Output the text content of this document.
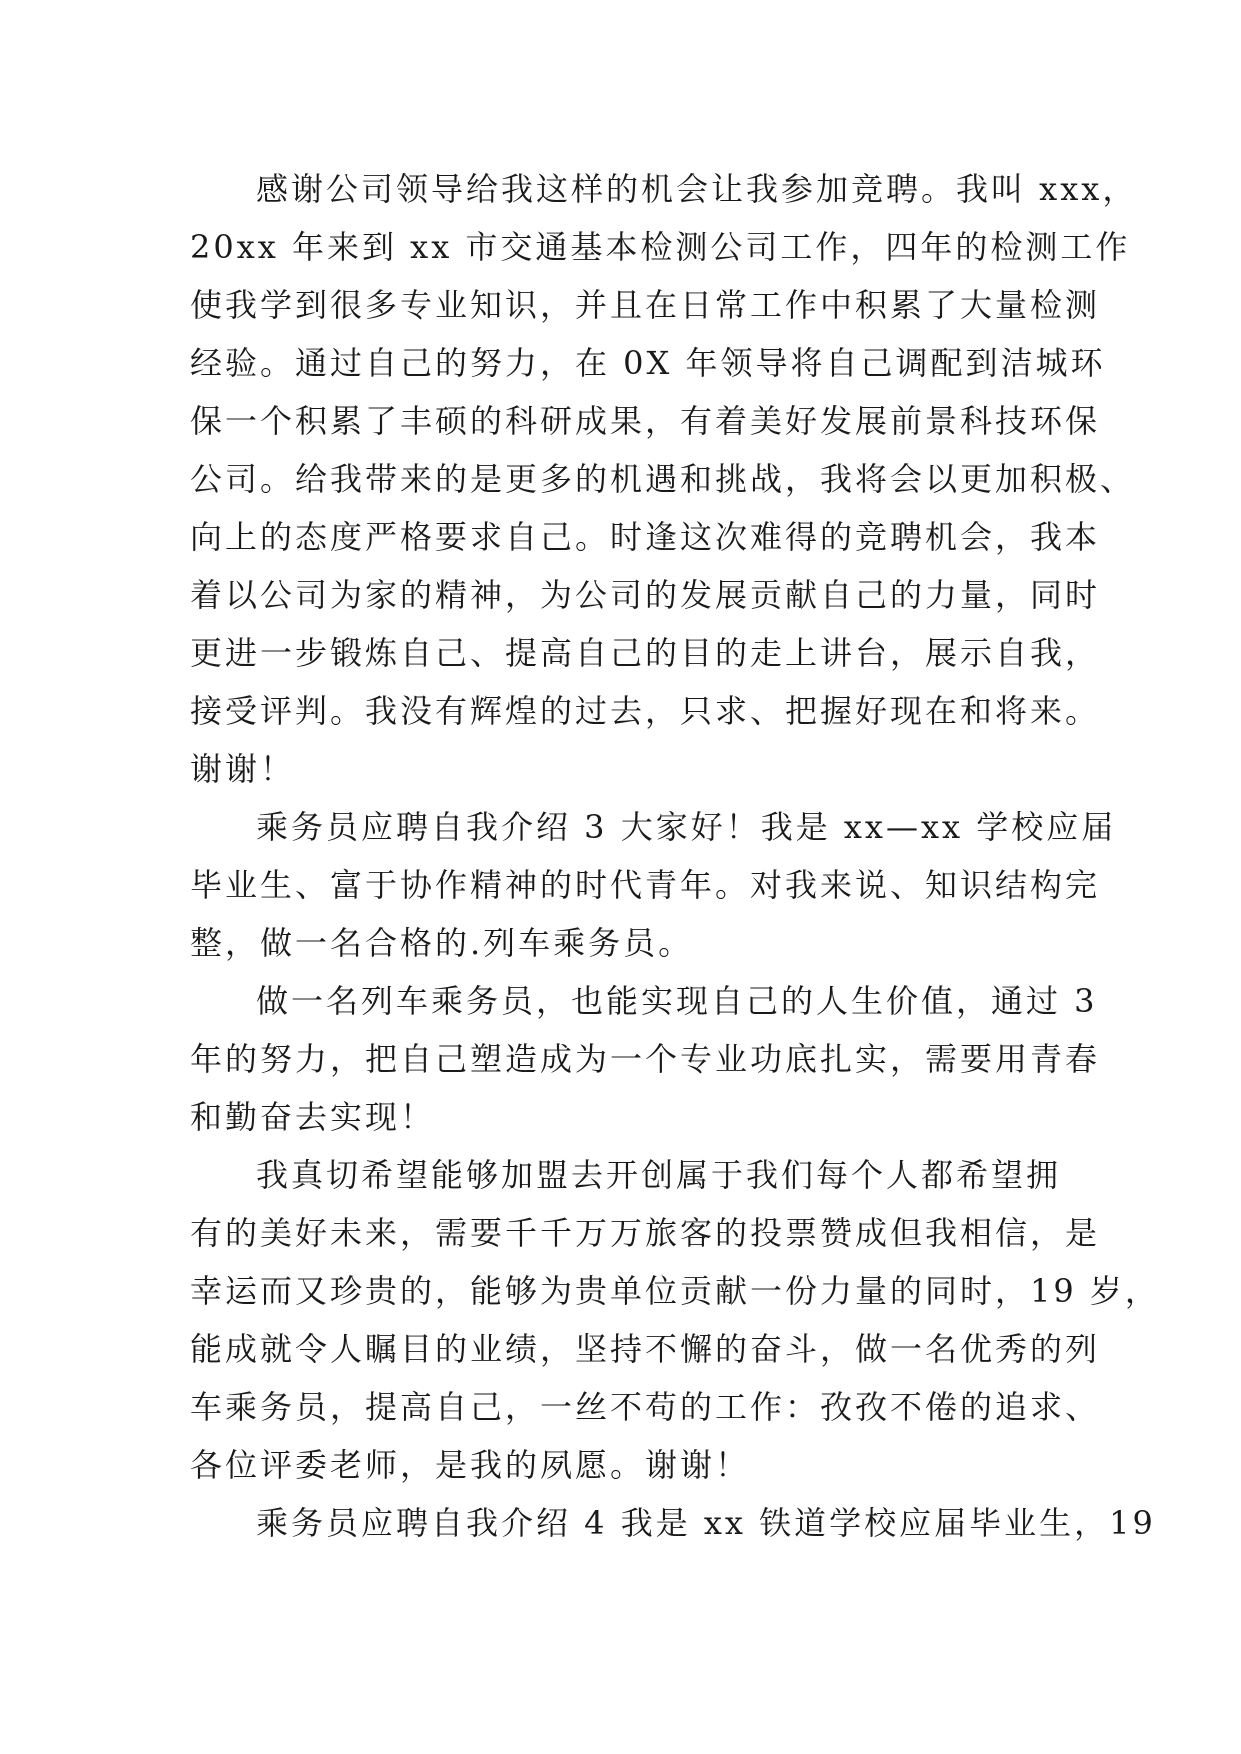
感谢公司领导给我这样的机会让我参加竞聘。我叫 xxx，
20xx 年来到 xx 市交通基本检测公司工作，四年的检测工作
使我学到很多专业知识，并且在日常工作中积累了大量检测
经验。通过自己的努力，在 0X 年领导将自己调配到洁城环
保一个积累了丰硕的科研成果，有着美好发展前景科技环保
公司。给我带来的是更多的机遇和挑战，我将会以更加积极、
向上的态度严格要求自己。时逢这次难得的竞聘机会，我本
着以公司为家的精神，为公司的发展贡献自己的力量，同时
更进一步锻炼自己、提高自己的目的走上讲台，展示自我，
接受评判。我没有辉煌的过去，只求、把握好现在和将来。
谢谢！
乘务员应聘自我介绍 3 大家好！我是 xx—xx 学校应届
毕业生、富于协作精神的时代青年。对我来说、知识结构完
整，做一名合格的.列车乘务员。
做一名列车乘务员，也能实现自己的人生价值，通过 3
年的努力，把自己塑造成为一个专业功底扎实，需要用青春
和勤奋去实现！
我真切希望能够加盟去开创属于我们每个人都希望拥
有的美好未来，需要千千万万旅客的投票赞成但我相信，是
幸运而又珍贵的，能够为贵单位贡献一份力量的同时，19 岁，
能成就令人瞩目的业绩，坚持不懈的奋斗，做一名优秀的列
车乘务员，提高自己，一丝不苟的工作：孜孜不倦的追求、
各位评委老师，是我的夙愿。谢谢！
乘务员应聘自我介绍 4 我是 xx 铁道学校应届毕业生，19
